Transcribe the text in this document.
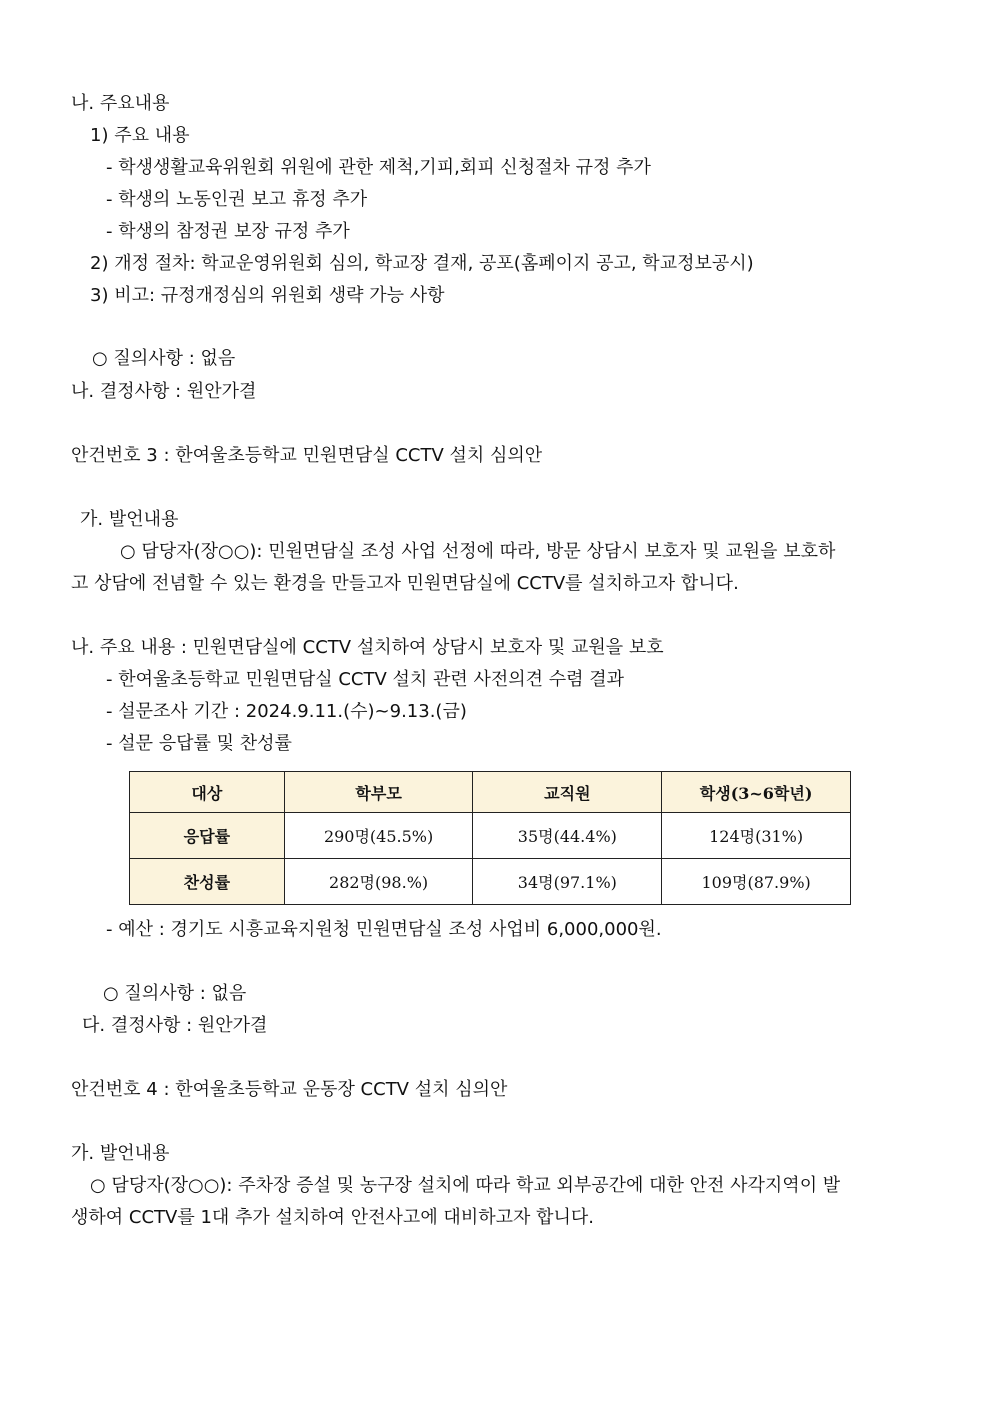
나. 주요내용
1) 주요 내용
- 학생생활교육위원회 위원에 관한 제척,기피,회피 신청절차 규정 추가
- 학생의 노동인권 보고 휴정 추가
- 학생의 참정권 보장 규정 추가
2) 개정 절차: 학교운영위원회 심의, 학교장 결재, 공포(홈페이지 공고, 학교정보공시)
3) 비고: 규정개정심의 위원회 생략 가능 사항
○ 질의사항 : 없음
나. 결정사항 : 원안가결
안건번호 3 : 한여울초등학교 민원면담실 CCTV 설치 심의안
가. 발언내용
○ 담당자(장○○): 민원면담실 조성 사업 선정에 따라, 방문 상담시 보호자 및 교원을 보호하
고 상담에 전념할 수 있는 환경을 만들고자 민원면담실에 CCTV를 설치하고자 합니다.
나. 주요 내용 : 민원면담실에 CCTV 설치하여 상담시 보호자 및 교원을 보호
- 한여울초등학교 민원면담실 CCTV 설치 관련 사전의견 수렴 결과
- 설문조사 기간 : 2024.9.11.(수)~9.13.(금)
- 설문 응답률 및 찬성률
대상	학부모	교직원	학생(3~6학년)
응답률	290명(45.5%)	35명(44.4%)	124명(31%)
찬성률	282명(98.%)	34명(97.1%)	109명(87.9%)
- 예산 : 경기도 시흥교육지원청 민원면담실 조성 사업비 6,000,000원.
○ 질의사항 : 없음
다. 결정사항 : 원안가결
안건번호 4 : 한여울초등학교 운동장 CCTV 설치 심의안
가. 발언내용
○ 담당자(장○○): 주차장 증설 및 농구장 설치에 따라 학교 외부공간에 대한 안전 사각지역이 발
생하여 CCTV를 1대 추가 설치하여 안전사고에 대비하고자 합니다.
